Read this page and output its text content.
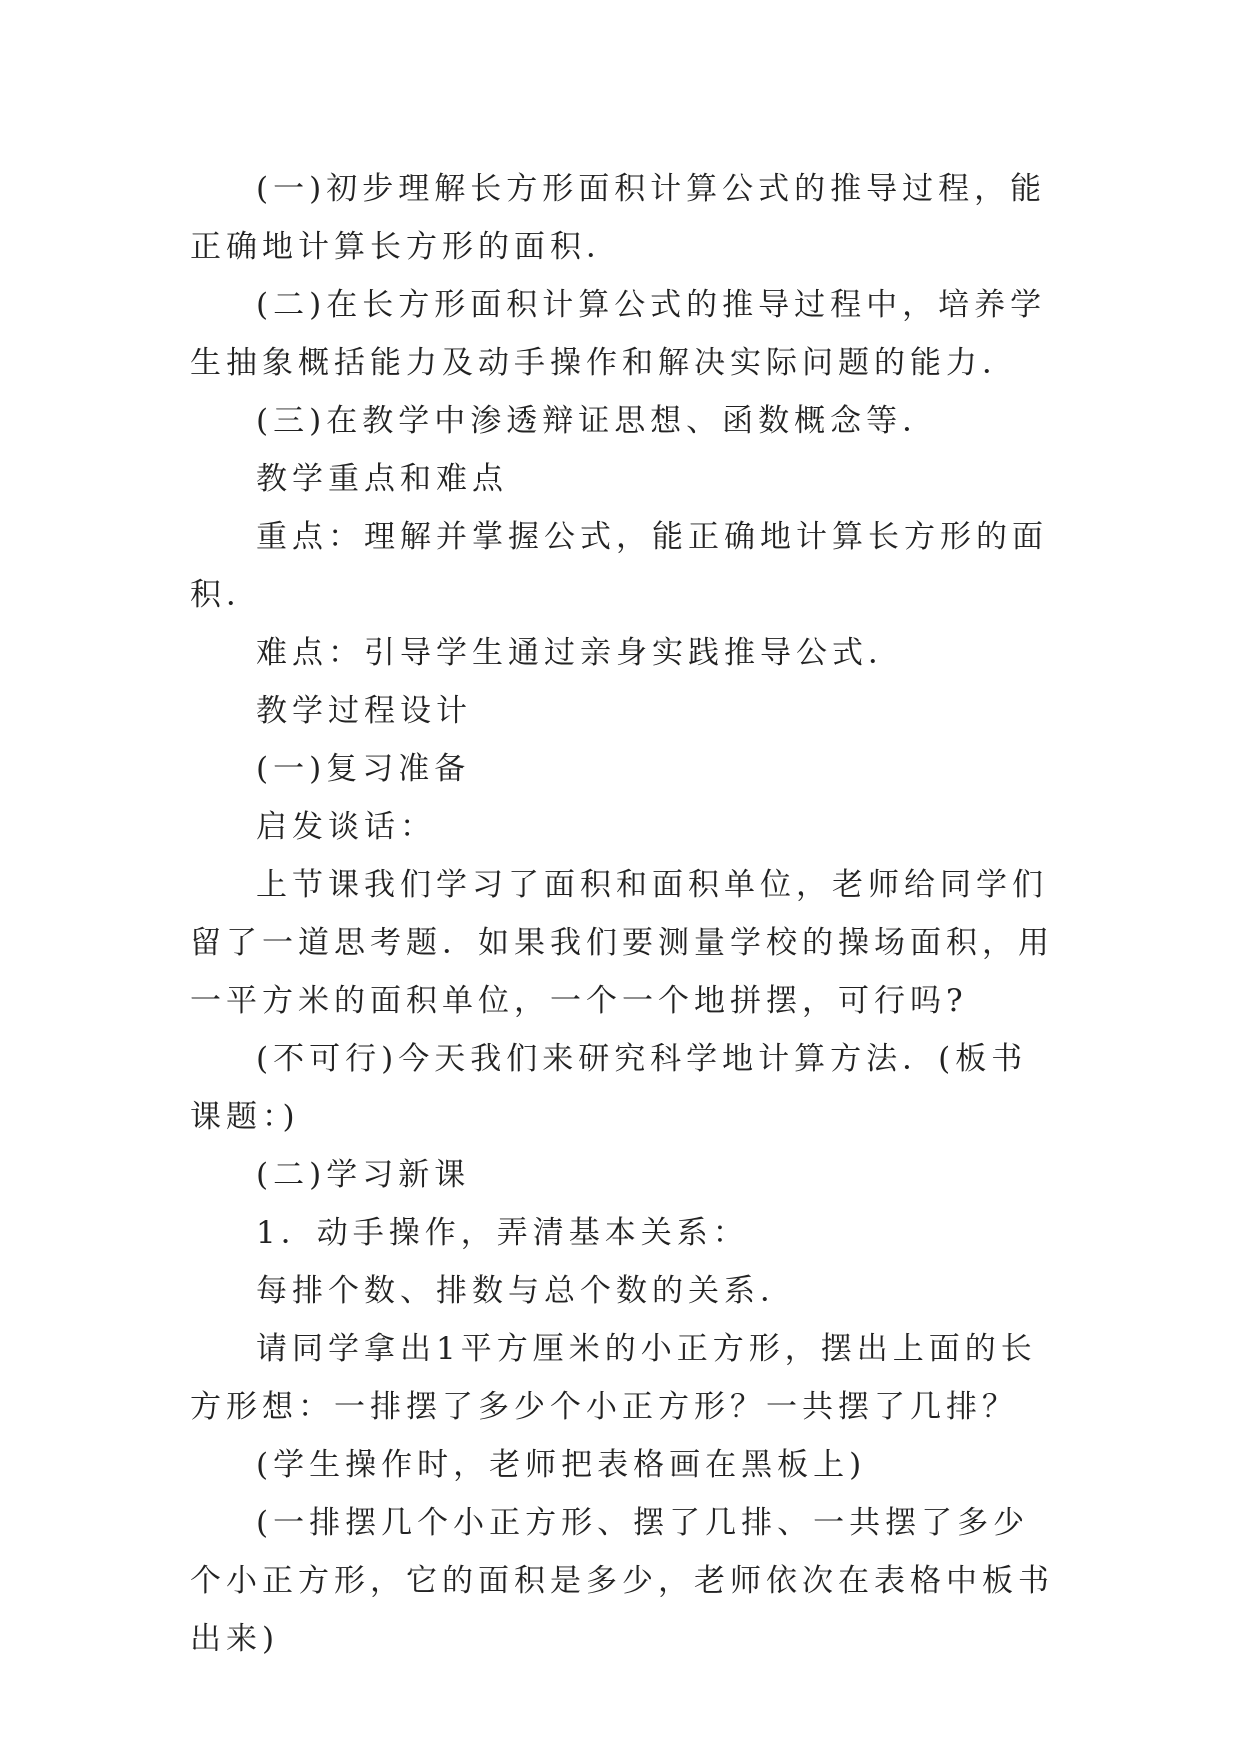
(一)初步理解长方形面积计算公式的推导过程，能正确地计算长方形的面积．

(二)在长方形面积计算公式的推导过程中，培养学生抽象概括能力及动手操作和解决实际问题的能力．

(三)在教学中渗透辩证思想、函数概念等．

教学重点和难点

重点：理解并掌握公式，能正确地计算长方形的面积．

难点：引导学生通过亲身实践推导公式．

教学过程设计

(一)复习准备

启发谈话：

上节课我们学习了面积和面积单位，老师给同学们留了一道思考题．如果我们要测量学校的操场面积，用一平方米的面积单位，一个一个地拼摆，可行吗?

(不可行)今天我们来研究科学地计算方法．(板书课题：)

(二)学习新课

1．动手操作，弄清基本关系：

每排个数、排数与总个数的关系．

请同学拿出1平方厘米的小正方形，摆出上面的长方形想：一排摆了多少个小正方形？一共摆了几排？

(学生操作时，老师把表格画在黑板上)

(一排摆几个小正方形、摆了几排、一共摆了多少个小正方形，它的面积是多少，老师依次在表格中板书出来)
